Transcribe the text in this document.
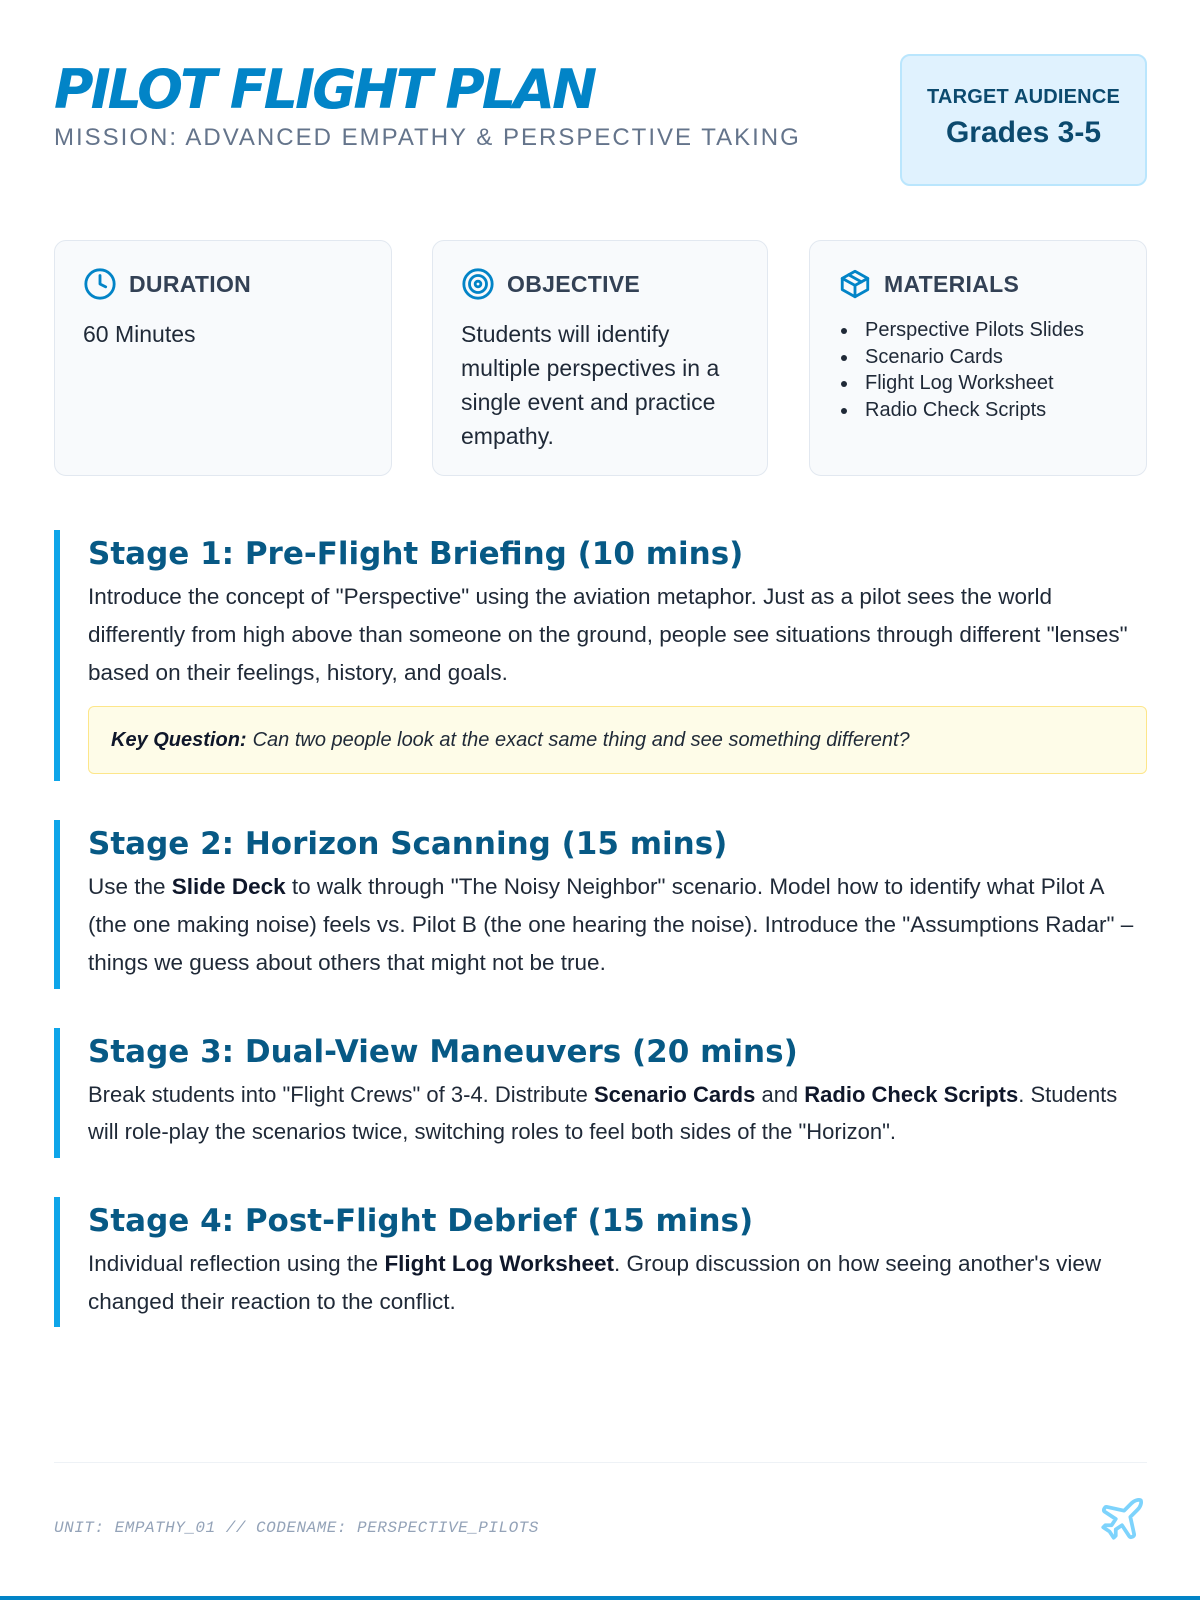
PILOT FLIGHT PLAN
MISSION: ADVANCED EMPATHY & PERSPECTIVE TAKING
TARGET AUDIENCE
Grades 3-5
DURATION
60 Minutes
OBJECTIVE
Students will identify multiple perspectives in a single event and practice empathy.
MATERIALS
Perspective Pilots Slides
Scenario Cards
Flight Log Worksheet
Radio Check Scripts
Stage 1: Pre-Flight Briefing (10 mins)
Introduce the concept of "Perspective" using the aviation metaphor. Just as a pilot sees the world differently from high above than someone on the ground, people see situations through different "lenses" based on their feelings, history, and goals.
Key Question: Can two people look at the exact same thing and see something different?
Stage 2: Horizon Scanning (15 mins)
Use the Slide Deck to walk through "The Noisy Neighbor" scenario. Model how to identify what Pilot A (the one making noise) feels vs. Pilot B (the one hearing the noise). Introduce the "Assumptions Radar" – things we guess about others that might not be true.
Stage 3: Dual-View Maneuvers (20 mins)
Break students into "Flight Crews" of 3-4. Distribute Scenario Cards and Radio Check Scripts. Students will role-play the scenarios twice, switching roles to feel both sides of the "Horizon".
Stage 4: Post-Flight Debrief (15 mins)
Individual reflection using the Flight Log Worksheet. Group discussion on how seeing another's view changed their reaction to the conflict.
UNIT: EMPATHY_01 // CODENAME: PERSPECTIVE_PILOTS
